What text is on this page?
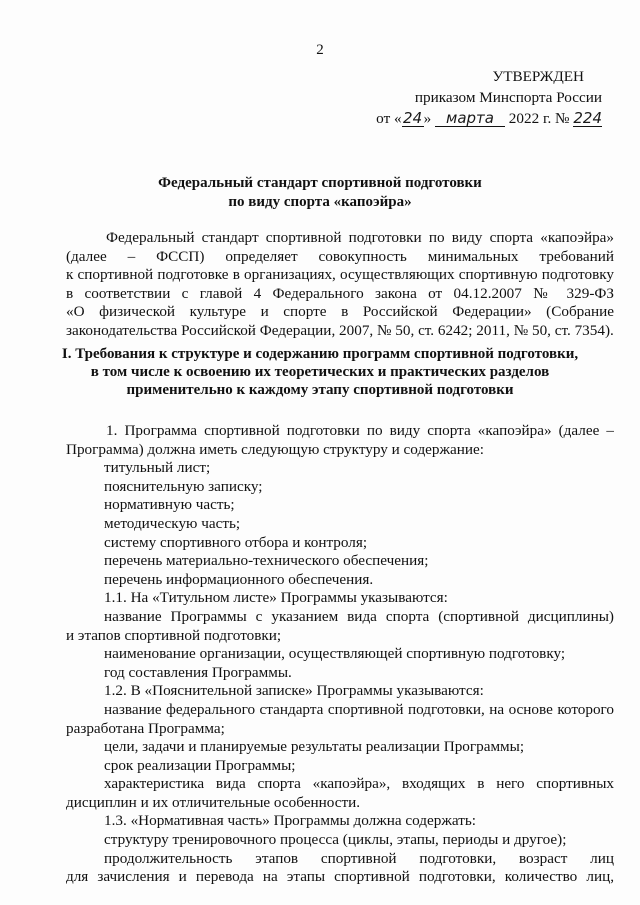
2
УТВЕРЖДЕН
приказом Минспорта России
от «24» марта 2022 г. № 224
Федеральный стандарт спортивной подготовки
по виду спорта «капоэйра»
Федеральный стандарт спортивной подготовки по виду спорта «капоэйра»
(далее – ФССП) определяет совокупность минимальных требований
к спортивной подготовке в организациях, осуществляющих спортивную подготовку
в соответствии с главой 4 Федерального закона от 04.12.2007 № 329-ФЗ
«О физической культуре и спорте в Российской Федерации» (Собрание
законодательства Российской Федерации, 2007, № 50, ст. 6242; 2011, № 50, ст. 7354).
I. Требования к структуре и содержанию программ спортивной подготовки,
в том числе к освоению их теоретических и практических разделов
применительно к каждому этапу спортивной подготовки
1. Программа спортивной подготовки по виду спорта «капоэйра» (далее –
Программа) должна иметь следующую структуру и содержание:
титульный лист;
пояснительную записку;
нормативную часть;
методическую часть;
систему спортивного отбора и контроля;
перечень материально-технического обеспечения;
перечень информационного обеспечения.
1.1. На «Титульном листе» Программы указываются:
название Программы с указанием вида спорта (спортивной дисциплины)
и этапов спортивной подготовки;
наименование организации, осуществляющей спортивную подготовку;
год составления Программы.
1.2. В «Пояснительной записке» Программы указываются:
название федерального стандарта спортивной подготовки, на основе которого
разработана Программа;
цели, задачи и планируемые результаты реализации Программы;
срок реализации Программы;
характеристика вида спорта «капоэйра», входящих в него спортивных
дисциплин и их отличительные особенности.
1.3. «Нормативная часть» Программы должна содержать:
структуру тренировочного процесса (циклы, этапы, периоды и другое);
продолжительность этапов спортивной подготовки, возраст лиц
для зачисления и перевода на этапы спортивной подготовки, количество лиц,
